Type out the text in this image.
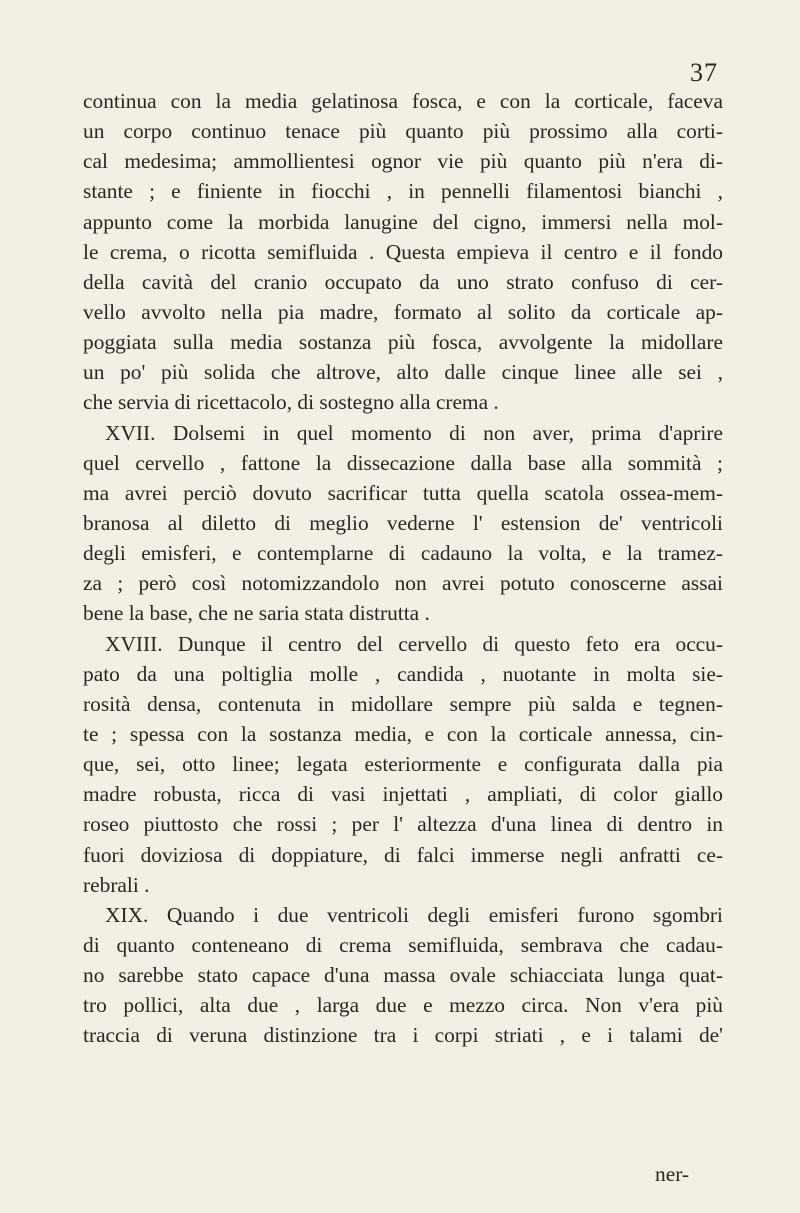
37
continua con la media gelatinosa fosca, e con la corticale, faceva
un corpo continuo tenace più quanto più prossimo alla corti-
cal medesima; ammollientesi ognor vie più quanto più n'era di-
stante ; e finiente in fiocchi , in pennelli filamentosi bianchi ,
appunto come la morbida lanugine del cigno, immersi nella mol-
le crema, o ricotta semifluida . Questa empieva il centro e il fondo
della cavità del cranio occupato da uno strato confuso di cer-
vello avvolto nella pia madre, formato al solito da corticale ap-
poggiata sulla media sostanza più fosca, avvolgente la midollare
un po' più solida che altrove, alto dalle cinque linee alle sei ,
che servia di ricettacolo, di sostegno alla crema .
XVII. Dolsemi in quel momento di non aver, prima d'aprire
quel cervello , fattone la dissecazione dalla base alla sommità ;
ma avrei perciò dovuto sacrificar tutta quella scatola ossea-mem-
branosa al diletto di meglio vederne l' estension de' ventricoli
degli emisferi, e contemplarne di cadauno la volta, e la tramez-
za ; però così notomizzandolo non avrei potuto conoscerne assai
bene la base, che ne saria stata distrutta .
XVIII. Dunque il centro del cervello di questo feto era occu-
pato da una poltiglia molle , candida , nuotante in molta sie-
rosità densa, contenuta in midollare sempre più salda e tegnen-
te ; spessa con la sostanza media, e con la corticale annessa, cin-
que, sei, otto linee; legata esteriormente e configurata dalla pia
madre robusta, ricca di vasi injettati , ampliati, di color giallo
roseo piuttosto che rossi ; per l' altezza d'una linea di dentro in
fuori doviziosa di doppiature, di falci immerse negli anfratti ce-
rebrali .
XIX. Quando i due ventricoli degli emisferi furono sgombri
di quanto conteneano di crema semifluida, sembrava che cadau-
no sarebbe stato capace d'una massa ovale schiacciata lunga quat-
tro pollici, alta due , larga due e mezzo circa. Non v'era più
traccia di veruna distinzione tra i corpi striati , e i talami de'
ner-
